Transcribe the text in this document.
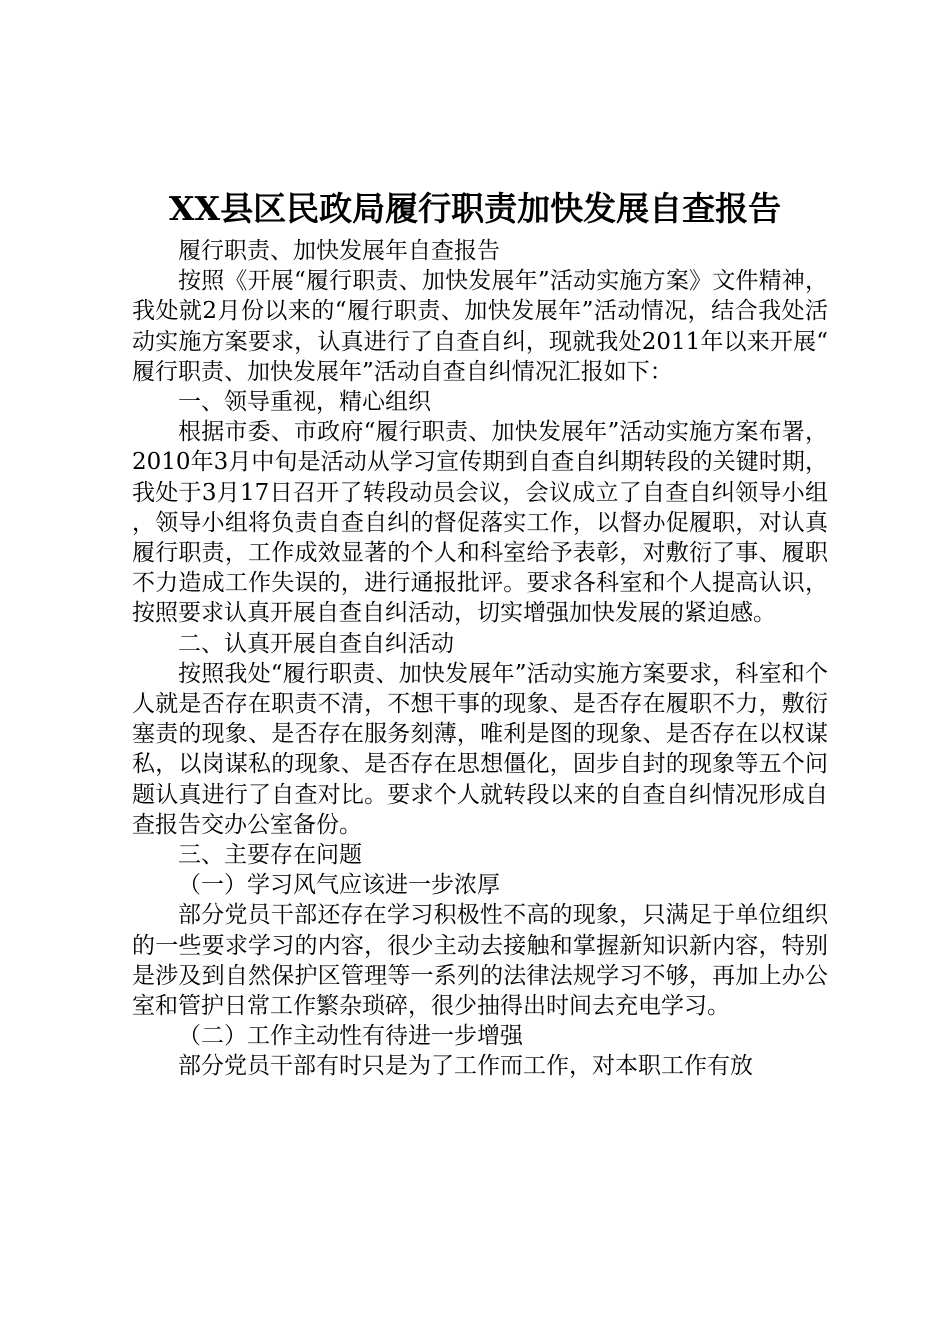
XX县区民政局履行职责加快发展自查报告

履行职责、加快发展年自查报告

按照《开展“履行职责、加快发展年”活动实施方案》文件精神，我处就2月份以来的“履行职责、加快发展年”活动情况，结合我处活动实施方案要求，认真进行了自查自纠，现就我处2011年以来开展“履行职责、加快发展年”活动自查自纠情况汇报如下：

一、领导重视，精心组织

根据市委、市政府“履行职责、加快发展年”活动实施方案布署，2010年3月中旬是活动从学习宣传期到自查自纠期转段的关键时期，我处于3月17日召开了转段动员会议，会议成立了自查自纠领导小组，领导小组将负责自查自纠的督促落实工作，以督办促履职，对认真履行职责，工作成效显著的个人和科室给予表彰，对敷衍了事、履职不力造成工作失误的，进行通报批评。要求各科室和个人提高认识，按照要求认真开展自查自纠活动，切实增强加快发展的紧迫感。

二、认真开展自查自纠活动

按照我处“履行职责、加快发展年”活动实施方案要求，科室和个人就是否存在职责不清，不想干事的现象、是否存在履职不力，敷衍塞责的现象、是否存在服务刻薄，唯利是图的现象、是否存在以权谋私，以岗谋私的现象、是否存在思想僵化，固步自封的现象等五个问题认真进行了自查对比。要求个人就转段以来的自查自纠情况形成自查报告交办公室备份。

三、主要存在问题

（一）学习风气应该进一步浓厚

部分党员干部还存在学习积极性不高的现象，只满足于单位组织的一些要求学习的内容，很少主动去接触和掌握新知识新内容，特别是涉及到自然保护区管理等一系列的法律法规学习不够，再加上办公室和管护日常工作繁杂琐碎，很少抽得出时间去充电学习。

（二）工作主动性有待进一步增强

部分党员干部有时只是为了工作而工作，对本职工作有放
